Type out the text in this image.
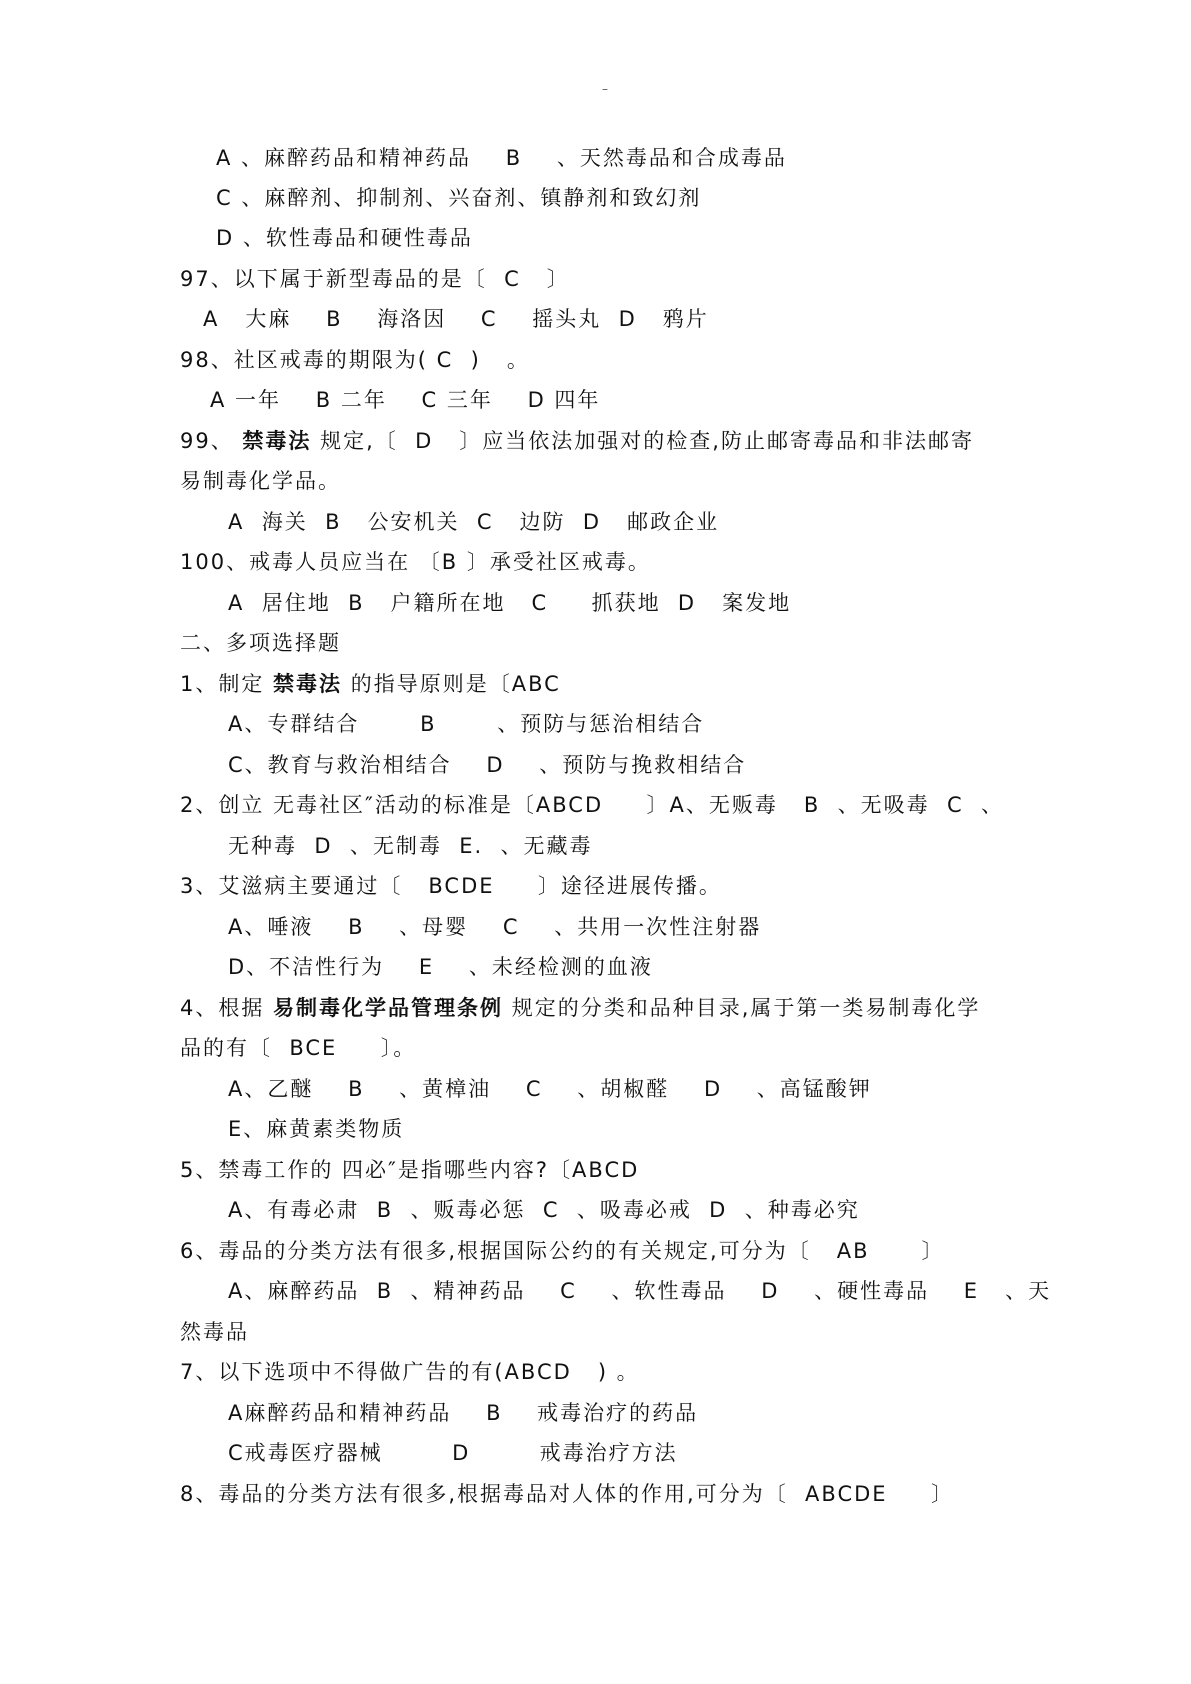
–
A 、麻醉药品和精神药品    B    、天然毒品和合成毒品
C 、麻醉剂、抑制剂、兴奋剂、镇静剂和致幻剂
D 、软性毒品和硬性毒品
97、以下属于新型毒品的是〔  C   〕
A   大麻    B    海洛因    C    摇头丸  D   鸦片
98、社区戒毒的期限为( C  )   。
A 一年    B 二年    C 三年    D 四年
99、 禁毒法 规定,〔  D   〕应当依法加强对的检查,防止邮寄毒品和非法邮寄
易制毒化学品。
A  海关  B   公安机关  C   边防  D   邮政企业
100、戒毒人员应当在 〔B 〕承受社区戒毒。
A  居住地  B   户籍所在地   C     抓获地  D   案发地
二、多项选择题
1、制定 禁毒法 的指导原则是〔ABC
A、专群结合       B       、预防与惩治相结合
C、教育与救治相结合    D    、预防与挽救相结合
2、创立 无毒社区″活动的标准是〔ABCD     〕A、无贩毒   B  、无吸毒  C  、
无种毒  D  、无制毒  E.  、无藏毒
3、艾滋病主要通过〔   BCDE     〕途径进展传播。
A、唾液    B    、母婴    C    、共用一次性注射器
D、不洁性行为    E    、未经检测的血液
4、根据 易制毒化学品管理条例 规定的分类和品种目录,属于第一类易制毒化学
品的有〔  BCE     〕。
A、乙醚    B    、黄樟油    C    、胡椒醛    D    、高锰酸钾
E、麻黄素类物质
5、禁毒工作的 四必″是指哪些内容?〔ABCD
A、有毒必肃  B  、贩毒必惩  C  、吸毒必戒  D  、种毒必究
6、毒品的分类方法有很多,根据国际公约的有关规定,可分为〔   AB      〕
A、麻醉药品  B  、精神药品    C    、软性毒品    D    、硬性毒品    E   、天
然毒品
7、以下选项中不得做广告的有(ABCD   ) 。
A麻醉药品和精神药品    B    戒毒治疗的药品
C戒毒医疗器械        D        戒毒治疗方法
8、毒品的分类方法有很多,根据毒品对人体的作用,可分为〔  ABCDE     〕
